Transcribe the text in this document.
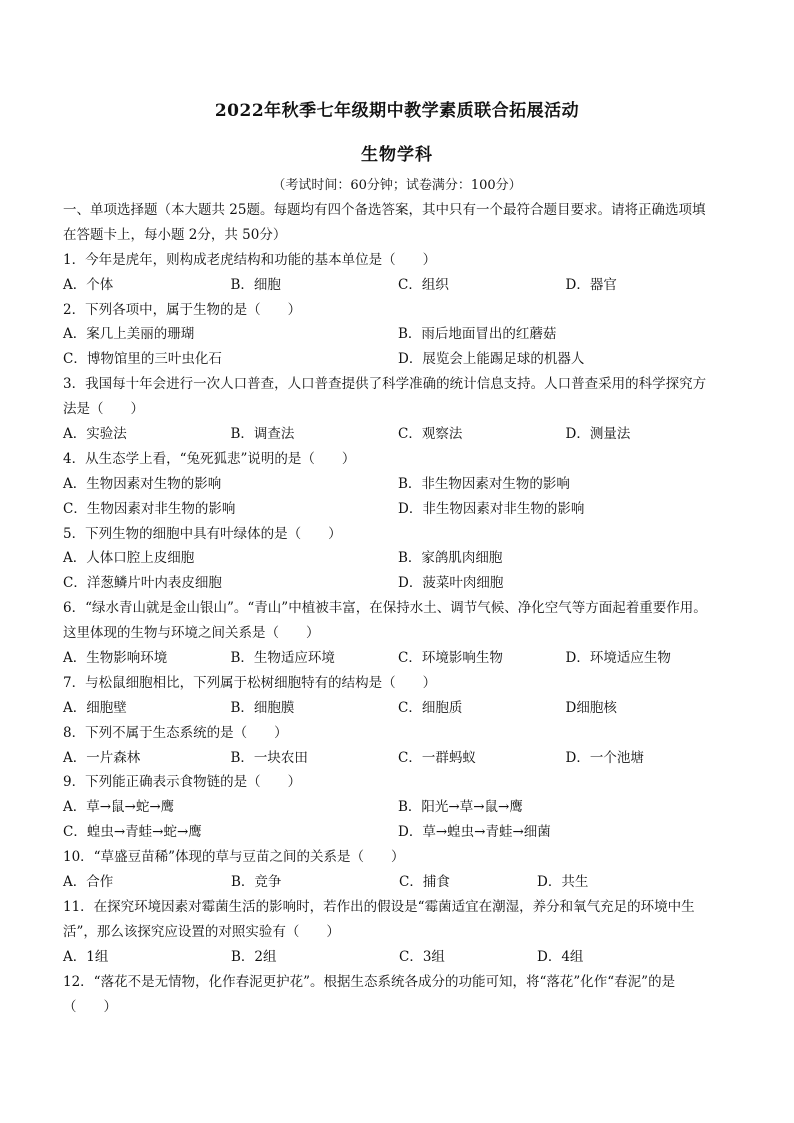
2022年秋季七年级期中教学素质联合拓展活动
生物学科
（考试时间：60分钟；试卷满分：100分）
一、单项选择题（本大题共 25题。每题均有四个备选答案，其中只有一个最符合题目要求。请将正确选项填
在答题卡上，每小题 2分，共 50分）
1．今年是虎年，则构成老虎结构和功能的基本单位是（　　）
A．个体	B．细胞	C．组织	D．器官
2．下列各项中，属于生物的是（　　）
A．案几上美丽的珊瑚	B．雨后地面冒出的红蘑菇
C．博物馆里的三叶虫化石	D．展览会上能踢足球的机器人
3．我国每十年会进行一次人口普查，人口普查提供了科学准确的统计信息支持。人口普查采用的科学探究方
法是（　　）
A．实验法	B．调查法	C．观察法	D．测量法
4．从生态学上看，“兔死狐悲”说明的是（　　）
A．生物因素对生物的影响	B．非生物因素对生物的影响
C．生物因素对非生物的影响	D．非生物因素对非生物的影响
5．下列生物的细胞中具有叶绿体的是（　　）
A．人体口腔上皮细胞	B．家鸽肌肉细胞
C．洋葱鳞片叶内表皮细胞	D．菠菜叶肉细胞
6．“绿水青山就是金山银山”。“青山”中植被丰富，在保持水土、调节气候、净化空气等方面起着重要作用。
这里体现的生物与环境之间关系是（　　）
A．生物影响环境	B．生物适应环境	C．环境影响生物	D．环境适应生物
7．与松鼠细胞相比，下列属于松树细胞特有的结构是（　　）
A．细胞壁	B．细胞膜	C．细胞质	D细胞核
8．下列不属于生态系统的是（　　）
A．一片森林	B．一块农田	C．一群蚂蚁	D．一个池塘
9．下列能正确表示食物链的是（　　）
A．草→鼠→蛇→鹰	B．阳光→草→鼠→鹰
C．蝗虫→青蛙→蛇→鹰	D．草→蝗虫→青蛙→细菌
10．“草盛豆苗稀”体现的草与豆苗之间的关系是（　　）
A．合作	B．竞争	C．捕食	D．共生
11．在探究环境因素对霉菌生活的影响时，若作出的假设是“霉菌适宜在潮湿，养分和氧气充足的环境中生
活”，那么该探究应设置的对照实验有（　　）
A．1组	B．2组	C．3组	D．4组
12．“落花不是无情物，化作春泥更护花”。根据生态系统各成分的功能可知，将“落花”化作“春泥”的是
（　　）
